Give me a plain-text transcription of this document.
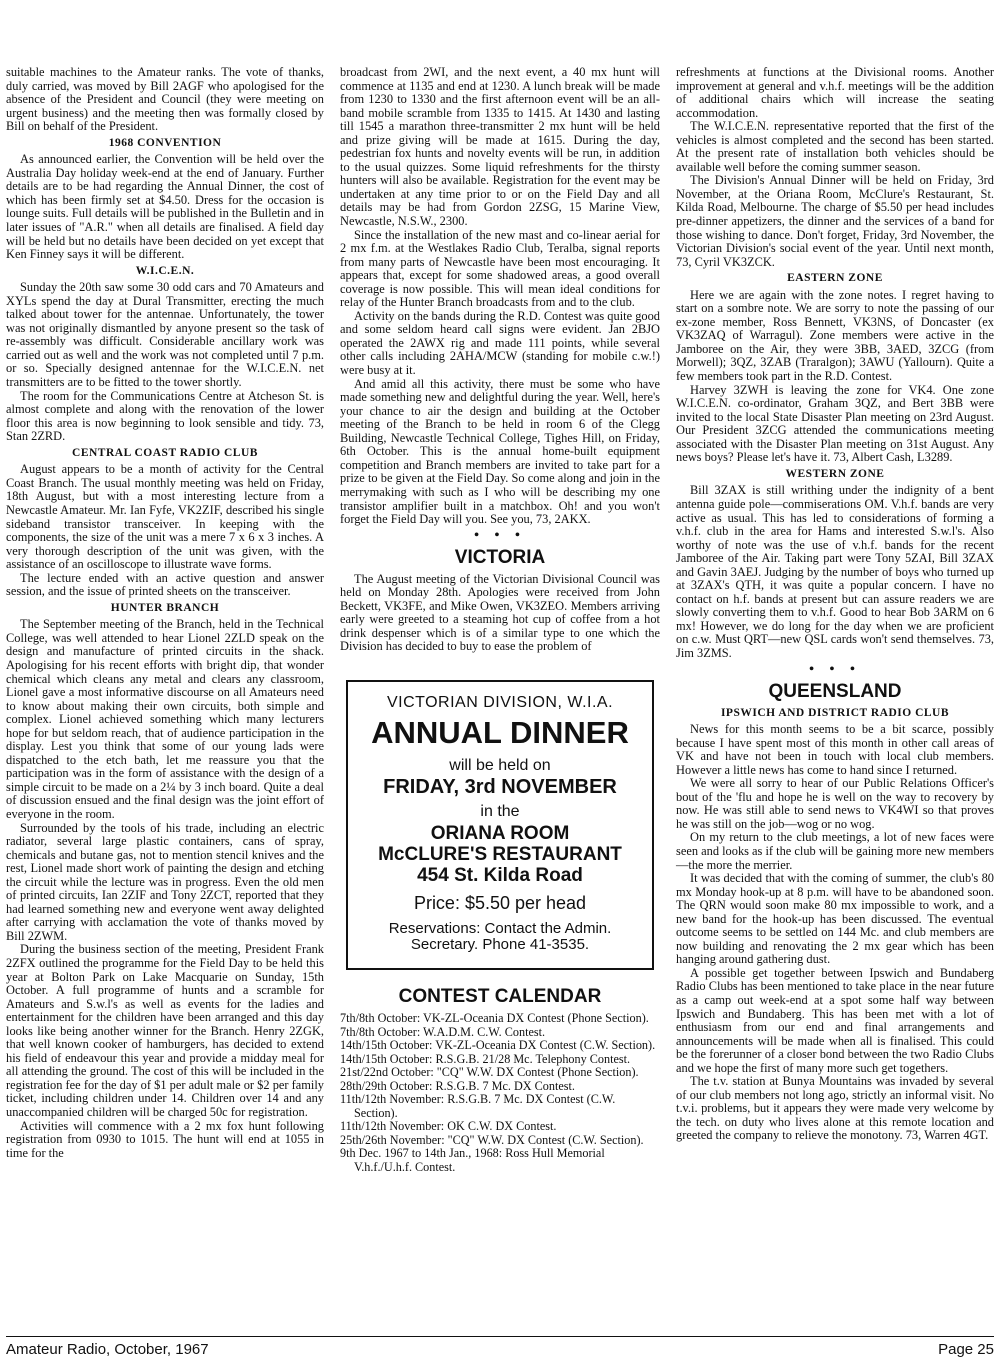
suitable machines to the Amateur ranks. The vote of thanks, duly carried, was moved by Bill 2AGF who apologised for the absence of the President and Council (they were meeting on urgent business) and the meeting then was formally closed by Bill on behalf of the President.

1968 CONVENTION

As announced earlier, the Convention will be held over the Australia Day holiday week-end at the end of January. Further details are to be had regarding the Annual Dinner, the cost of which has been firmly set at $4.50. Dress for the occasion is lounge suits. Full details will be published in the Bulletin and in later issues of "A.R." when all details are finalised. A field day will be held but no details have been decided on yet except that Ken Finney says it will be different.

W.I.C.E.N.

Sunday the 20th saw some 30 odd cars and 70 Amateurs and XYLs spend the day at Dural Transmitter, erecting the much talked about tower for the antennae. Unfortunately, the tower was not originally dismantled by anyone present so the task of re-assembly was difficult. Considerable ancillary work was carried out as well and the work was not completed until 7 p.m. or so. Specially designed antennae for the W.I.C.E.N. net transmitters are to be fitted to the tower shortly.

The room for the Communications Centre at Atcheson St. is almost complete and along with the renovation of the lower floor this area is now beginning to look sensible and tidy. 73, Stan 2ZRD.

CENTRAL COAST RADIO CLUB

August appears to be a month of activity for the Central Coast Branch. The usual monthly meeting was held on Friday, 18th August, but with a most interesting lecture from a Newcastle Amateur. Mr. Ian Fyfe, VK2ZIF, described his single sideband transistor transceiver. In keeping with the components, the size of the unit was a mere 7 x 6 x 3 inches. A very thorough description of the unit was given, with the assistance of an oscilloscope to illustrate wave forms.

The lecture ended with an active question and answer session, and the issue of printed sheets on the transceiver.

HUNTER BRANCH

The September meeting of the Branch, held in the Technical College, was well attended to hear Lionel 2ZLD speak on the design and manufacture of printed circuits in the shack. Apologising for his recent efforts with bright dip, that wonder chemical which cleans any metal and clears any classroom, Lionel gave a most informative discourse on all Amateurs need to know about making their own circuits, both simple and complex. Lionel achieved something which many lecturers hope for but seldom reach, that of audience participation in the display. Lest you think that some of our young lads were dispatched to the etch bath, let me reassure you that the participation was in the form of assistance with the design of a simple circuit to be made on a 2¼ by 3 inch board. Quite a deal of discussion ensued and the final design was the joint effort of everyone in the room.

Surrounded by the tools of his trade, including an electric radiator, several large plastic containers, cans of spray, chemicals and butane gas, not to mention stencil knives and the rest, Lionel made short work of painting the design and etching the circuit while the lecture was in progress. Even the old men of printed circuits, Ian 2ZIF and Tony 2ZCT, reported that they had learned something new and everyone went away delighted after carrying with acclamation the vote of thanks moved by Bill 2ZWM.

During the business section of the meeting, President Frank 2ZFX outlined the programme for the Field Day to be held this year at Bolton Park on Lake Macquarie on Sunday, 15th October. A full programme of hunts and a scramble for Amateurs and S.w.l's as well as events for the ladies and entertainment for the children have been arranged and this day looks like being another winner for the Branch. Henry 2ZGK, that well known cooker of hamburgers, has decided to extend his field of endeavour this year and provide a midday meal for all attending the ground. The cost of this will be included in the registration fee for the day of $1 per adult male or $2 per family ticket, including children under 14. Children over 14 and any unaccompanied children will be charged 50c for registration.

Activities will commence with a 2 mx fox hunt following registration from 0930 to 1015. The hunt will end at 1055 in time for the

broadcast from 2WI, and the next event, a 40 mx hunt will commence at 1135 and end at 1230. A lunch break will be made from 1230 to 1330 and the first afternoon event will be an all-band mobile scramble from 1335 to 1415. At 1430 and lasting till 1545 a marathon three-transmitter 2 mx hunt will be held and prize giving will be made at 1615. During the day, pedestrian fox hunts and novelty events will be run, in addition to the usual quizzes. Some liquid refreshments for the thirsty hunters will also be available. Registration for the event may be undertaken at any time prior to or on the Field Day and all details may be had from Gordon 2ZSG, 15 Marine View, Newcastle, N.S.W., 2300.

Since the installation of the new mast and co-linear aerial for 2 mx f.m. at the Westlakes Radio Club, Teralba, signal reports from many parts of Newcastle have been most encouraging. It appears that, except for some shadowed areas, a good overall coverage is now possible. This will mean ideal conditions for relay of the Hunter Branch broadcasts from and to the club.

Activity on the bands during the R.D. Contest was quite good and some seldom heard call signs were evident. Jan 2BJO operated the 2AWX rig and made 111 points, while several other calls including 2AHA/MCW (standing for mobile c.w.!) were busy at it.

And amid all this activity, there must be some who have made something new and delightful during the year. Well, here's your chance to air the design and building at the October meeting of the Branch to be held in room 6 of the Clegg Building, Newcastle Technical College, Tighes Hill, on Friday, 6th October. This is the annual home-built equipment competition and Branch members are invited to take part for a prize to be given at the Field Day. So come along and join in the merrymaking with such as I who will be describing my one transistor amplifier built in a matchbox. Oh! and you won't forget the Field Day will you. See you, 73, 2AKX.

• • •
VICTORIA

The August meeting of the Victorian Divisional Council was held on Monday 28th. Apologies were received from John Beckett, VK3FE, and Mike Owen, VK3ZEO. Members arriving early were greeted to a steaming hot cup of coffee from a hot drink despenser which is of a similar type to one which the Division has decided to buy to ease the problem of

VICTORIAN DIVISION, W.I.A.
ANNUAL DINNER
will be held on
FRIDAY, 3rd NOVEMBER
in the
ORIANA ROOM
McCLURE'S RESTAURANT
454 St. Kilda Road
Price: $5.50 per head
Reservations: Contact the Admin.
Secretary. Phone 41-3535.
CONTEST CALENDAR

7th/8th October: VK-ZL-Oceania DX Contest (Phone Section).

7th/8th October: W.A.D.M. C.W. Contest.

14th/15th October: VK-ZL-Oceania DX Contest (C.W. Section).

14th/15th October: R.S.G.B. 21/28 Mc. Telephony Contest.

21st/22nd October: "CQ" W.W. DX Contest (Phone Section).

28th/29th October: R.S.G.B. 7 Mc. DX Contest.

11th/12th November: R.S.G.B. 7 Mc. DX Contest (C.W. Section).

11th/12th November: OK C.W. DX Contest.

25th/26th November: "CQ" W.W. DX Contest (C.W. Section).

9th Dec. 1967 to 14th Jan., 1968: Ross Hull Memorial V.h.f./U.h.f. Contest.

refreshments at functions at the Divisional rooms. Another improvement at general and v.h.f. meetings will be the addition of additional chairs which will increase the seating accommodation.

The W.I.C.E.N. representative reported that the first of the vehicles is almost completed and the second has been started. At the present rate of installation both vehicles should be available well before the coming summer season.

The Division's Annual Dinner will be held on Friday, 3rd November, at the Oriana Room, McClure's Restaurant, St. Kilda Road, Melbourne. The charge of $5.50 per head includes pre-dinner appetizers, the dinner and the services of a band for those wishing to dance. Don't forget, Friday, 3rd November, the Victorian Division's social event of the year. Until next month, 73, Cyril VK3ZCK.

EASTERN ZONE

Here we are again with the zone notes. I regret having to start on a sombre note. We are sorry to note the passing of our ex-zone member, Ross Bennett, VK3NS, of Doncaster (ex VK3ZAQ of Warragul). Zone members were active in the Jamboree on the Air, they were 3BB, 3AED, 3ZCG (from Morwell); 3QZ, 3ZAB (Traralgon); 3AWU (Yallourn). Quite a few members took part in the R.D. Contest.

Harvey 3ZWH is leaving the zone for VK4. One zone W.I.C.E.N. co-ordinator, Graham 3QZ, and Bert 3BB were invited to the local State Disaster Plan meeting on 23rd August. Our President 3ZCG attended the communications meeting associated with the Disaster Plan meeting on 31st August. Any news boys? Please let's have it. 73, Albert Cash, L3289.

WESTERN ZONE

Bill 3ZAX is still writhing under the indignity of a bent antenna guide pole—commiserations OM. V.h.f. bands are very active as usual. This has led to considerations of forming a v.h.f. club in the area for Hams and interested S.w.l's. Also worthy of note was the use of v.h.f. bands for the recent Jamboree of the Air. Taking part were Tony 5ZAI, Bill 3ZAX and Gavin 3AEJ. Judging by the number of boys who turned up at 3ZAX's QTH, it was quite a popular concern. I have no contact on h.f. bands at present but can assure readers we are slowly converting them to v.h.f. Good to hear Bob 3ARM on 6 mx! However, we do long for the day when we are proficient on c.w. Must QRT—new QSL cards won't send themselves. 73, Jim 3ZMS.

• • •
QUEENSLAND
IPSWICH AND DISTRICT RADIO CLUB

News for this month seems to be a bit scarce, possibly because I have spent most of this month in other call areas of VK and have not been in touch with local club members. However a little news has come to hand since I returned.

We were all sorry to hear of our Public Relations Officer's bout of the 'flu and hope he is well on the way to recovery by now. He was still able to send news to VK4WI so that proves he was still on the job—wog or no wog.

On my return to the club meetings, a lot of new faces were seen and looks as if the club will be gaining more new members—the more the merrier.

It was decided that with the coming of summer, the club's 80 mx Monday hook-up at 8 p.m. will have to be abandoned soon. The QRN would soon make 80 mx impossible to work, and a new band for the hook-up has been discussed. The eventual outcome seems to be settled on 144 Mc. and club members are now building and renovating the 2 mx gear which has been hanging around gathering dust.

A possible get together between Ipswich and Bundaberg Radio Clubs has been mentioned to take place in the near future as a camp out week-end at a spot some half way between Ipswich and Bundaberg. This has been met with a lot of enthusiasm from our end and final arrangements and announcements will be made when all is finalised. This could be the forerunner of a closer bond between the two Radio Clubs and we hope the first of many more such get togethers.

The t.v. station at Bunya Mountains was invaded by several of our club members not long ago, strictly an informal visit. No t.v.i. problems, but it appears they were made very welcome by the tech. on duty who lives alone at this remote location and greeted the company to relieve the monotony. 73, Warren 4GT.

Amateur Radio, October, 1967	Page 25
